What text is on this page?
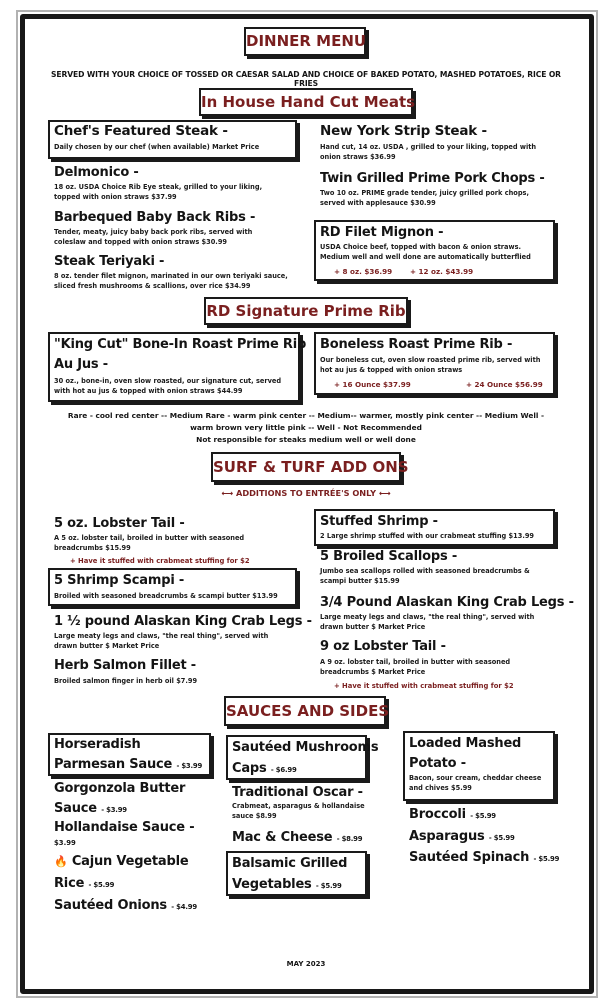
DINNER MENU
SERVED WITH YOUR CHOICE OF TOSSED OR CAESAR SALAD AND CHOICE OF BAKED POTATO, MASHED POTATOES, RICE OR FRIES
In House Hand Cut Meats
Chef's Featured Steak -
Daily chosen by our chef (when available) Market Price
Delmonico -
18 oz. USDA Choice Rib Eye steak, grilled to your liking, topped with onion straws $37.99
Barbequed Baby Back Ribs -
Tender, meaty, juicy baby back pork ribs, served with coleslaw and topped with onion straws $30.99
Steak Teriyaki -
8 oz. tender filet mignon, marinated in our own teriyaki sauce, sliced fresh mushrooms & scallions, over rice $34.99
New York Strip Steak -
Hand cut, 14 oz. USDA , grilled to your liking, topped with onion straws $36.99
Twin Grilled Prime Pork Chops -
Two 10 oz. PRIME grade tender, juicy grilled pork chops, served with applesauce $30.99
RD Filet Mignon -
USDA Choice beef, topped with bacon & onion straws. Medium well and well done are automatically butterflied
+ 8 oz. $36.99 + 12 oz. $43.99
RD Signature Prime Rib
"King Cut" Bone-In Roast Prime Rib
Au Jus -
30 oz., bone-in, oven slow roasted, our signature cut, served with hot au jus & topped with onion straws $44.99
Boneless Roast Prime Rib -
Our boneless cut, oven slow roasted prime rib, served with hot au jus & topped with onion straws
+ 16 Ounce $37.99	+ 24 Ounce $56.99
Rare - cool red center -- Medium Rare - warm pink center -- Medium-- warmer, mostly pink center -- Medium Well -
warm brown very little pink -- Well - Not Recommended
Not responsible for steaks medium well or well done
SURF & TURF ADD ONS
⟷ ADDITIONS TO ENTRÉE'S ONLY ⟷
5 oz. Lobster Tail -
A 5 oz. lobster tail, broiled in butter with seasoned breadcrumbs $15.99
+ Have it stuffed with crabmeat stuffing for $2
5 Shrimp Scampi -
Broiled with seasoned breadcrumbs & scampi butter $13.99
1 ½ pound Alaskan King Crab Legs -
Large meaty legs and claws, "the real thing", served with drawn butter $ Market Price
Herb Salmon Fillet -
Broiled salmon finger in herb oil $7.99
Stuffed Shrimp -
2 Large shrimp stuffed with our crabmeat stuffing $13.99
5 Broiled Scallops -
Jumbo sea scallops rolled with seasoned breadcrumbs & scampi butter $15.99
3/4 Pound Alaskan King Crab Legs -
Large meaty legs and claws, "the real thing", served with drawn butter $ Market Price
9 oz Lobster Tail -
A 9 oz. lobster tail, broiled in butter with seasoned breadcrumbs $ Market Price
+ Have it stuffed with crabmeat stuffing for $2
SAUCES AND SIDES
Horseradish
Parmesan Sauce - $3.99
Gorgonzola Butter
Sauce - $3.99
Hollandaise Sauce -
$3.99
🔥 Cajun Vegetable
Rice - $5.99
Sautéed Onions - $4.99
Sautéed Mushrooms
Caps - $6.99
Traditional Oscar -
Crabmeat, asparagus & hollandaise sauce $8.99
Mac & Cheese - $8.99
Balsamic Grilled
Vegetables - $5.99
Loaded Mashed
Potato -
Bacon, sour cream, cheddar cheese and chives $5.99
Broccoli - $5.99
Asparagus - $5.99
Sautéed Spinach - $5.99
MAY 2023
